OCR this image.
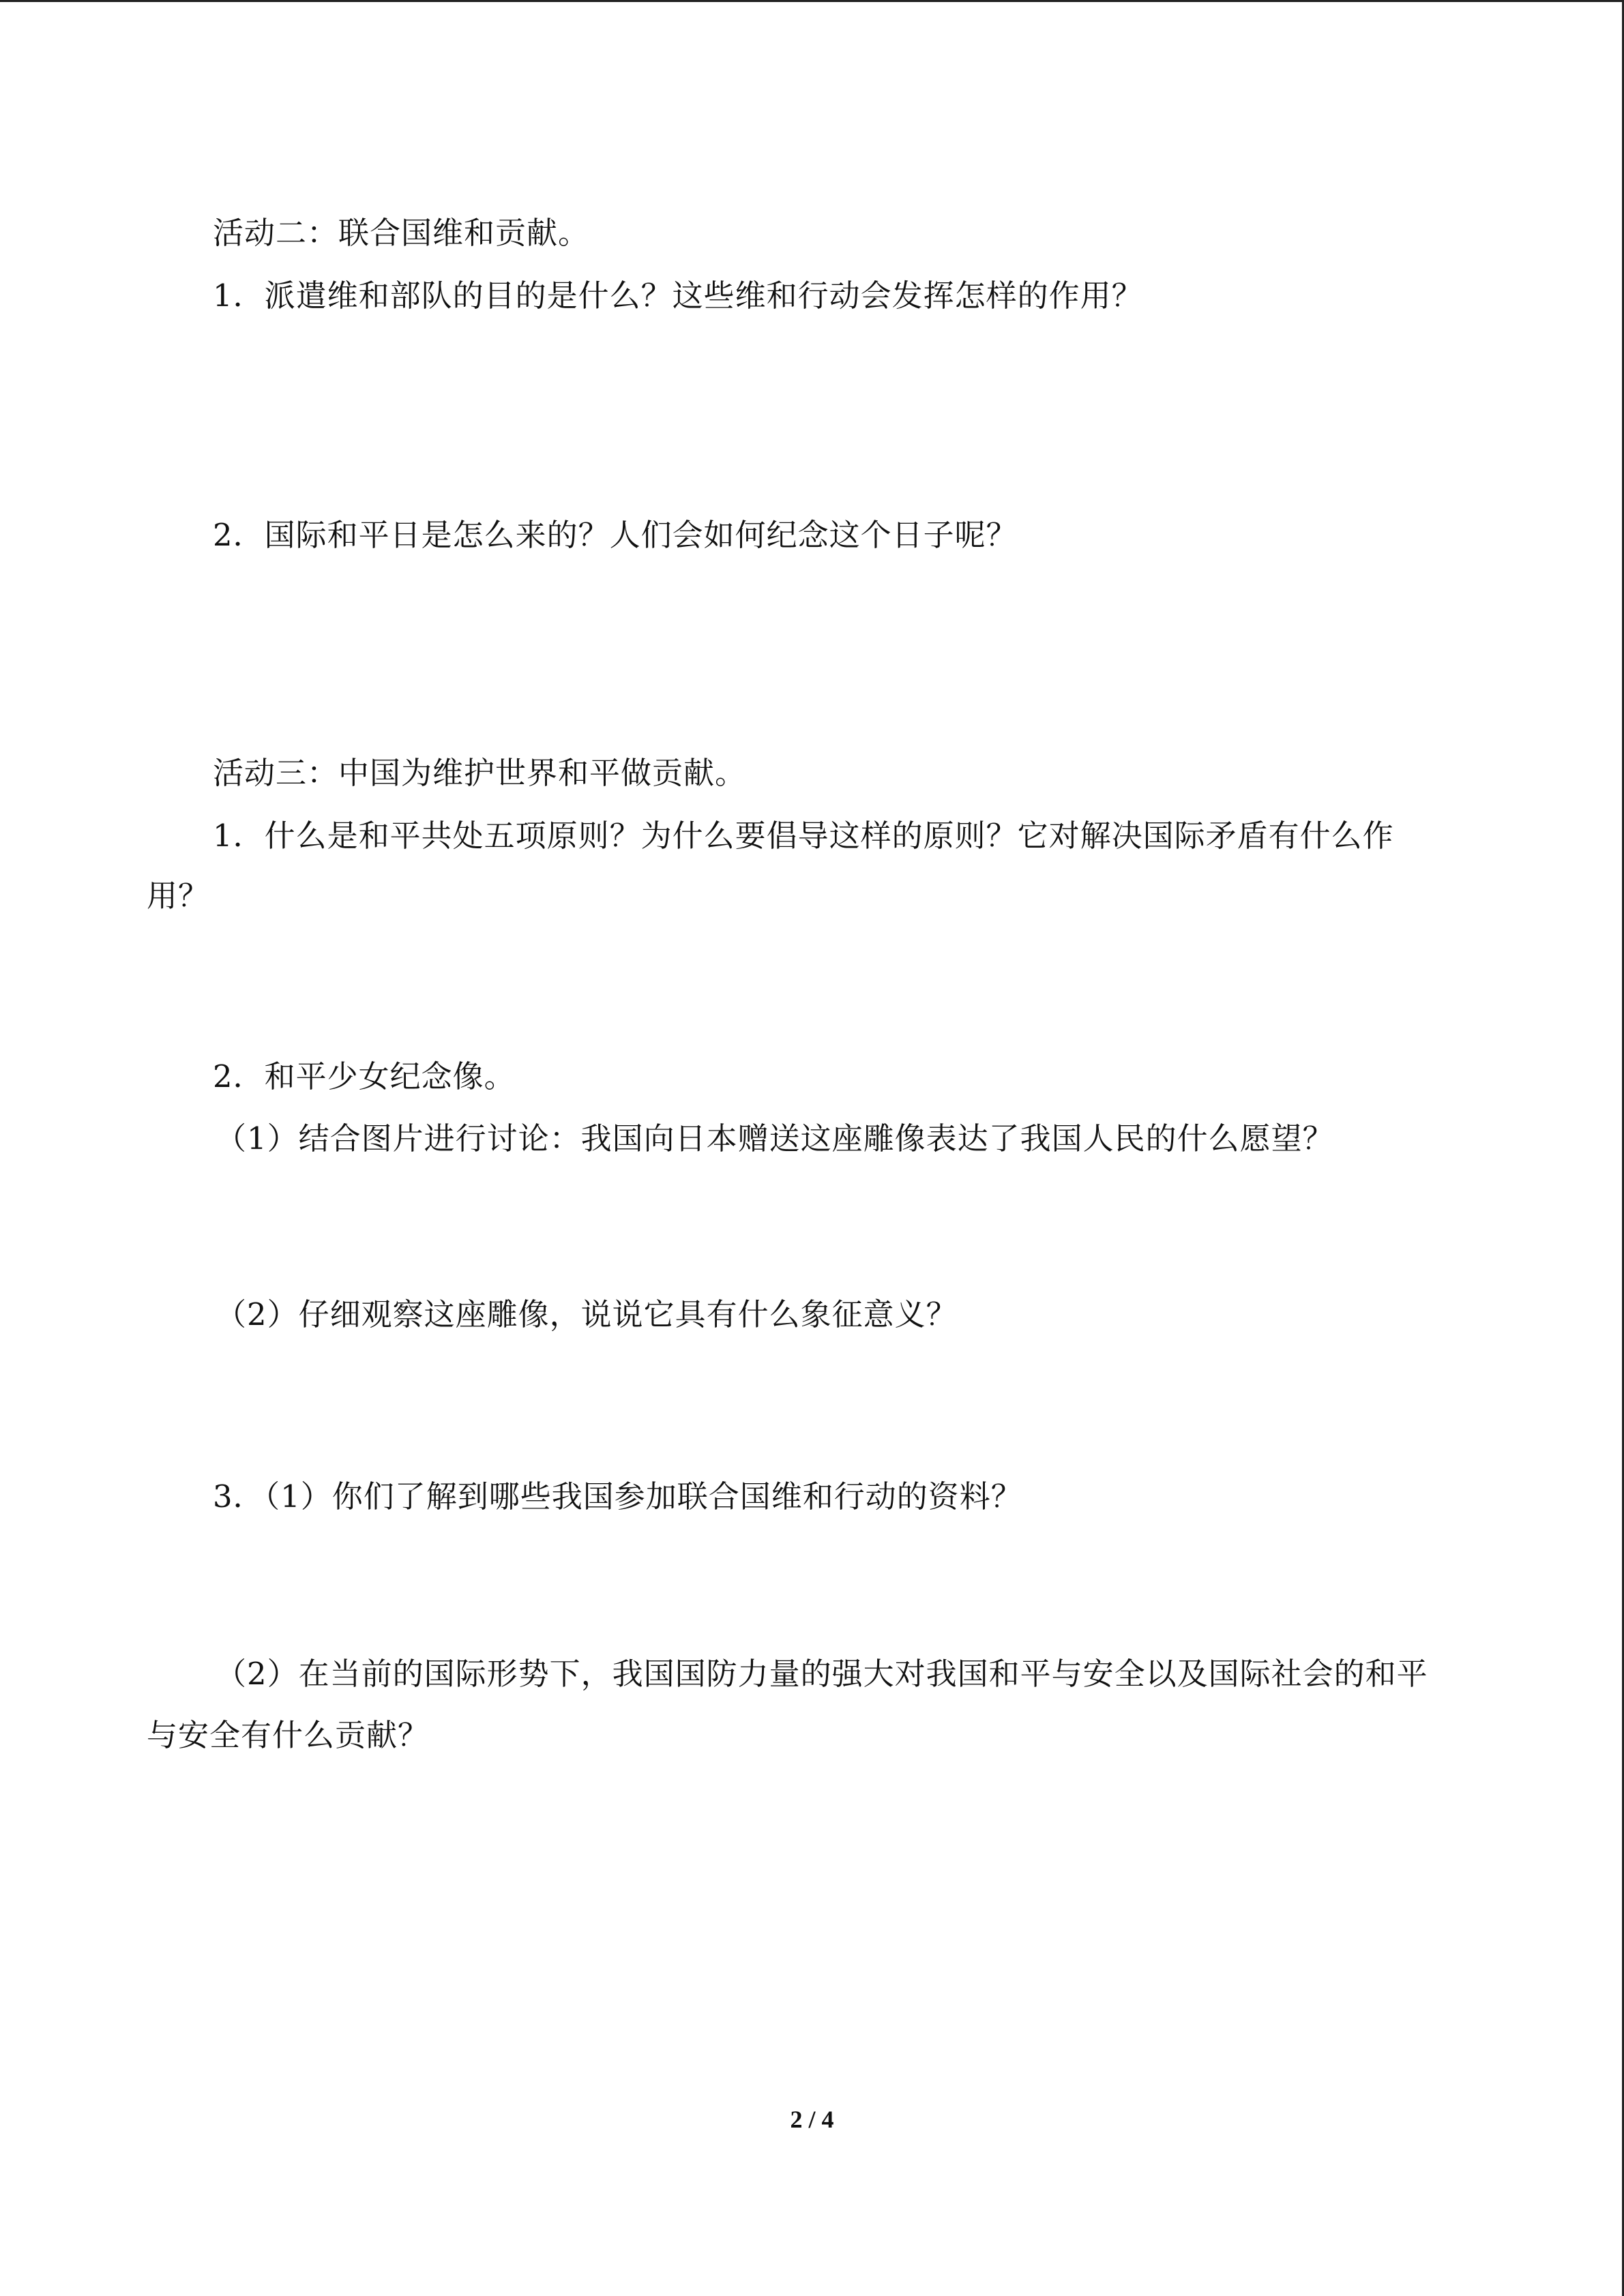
活动二：联合国维和贡献。
1．派遣维和部队的目的是什么？这些维和行动会发挥怎样的作用？
2．国际和平日是怎么来的？人们会如何纪念这个日子呢？
活动三：中国为维护世界和平做贡献。
1．什么是和平共处五项原则？为什么要倡导这样的原则？它对解决国际矛盾有什么作
用？
2．和平少女纪念像。
（1）结合图片进行讨论：我国向日本赠送这座雕像表达了我国人民的什么愿望？
（2）仔细观察这座雕像，说说它具有什么象征意义？
3．（1）你们了解到哪些我国参加联合国维和行动的资料？
（2）在当前的国际形势下，我国国防力量的强大对我国和平与安全以及国际社会的和平
与安全有什么贡献？
2 / 4
